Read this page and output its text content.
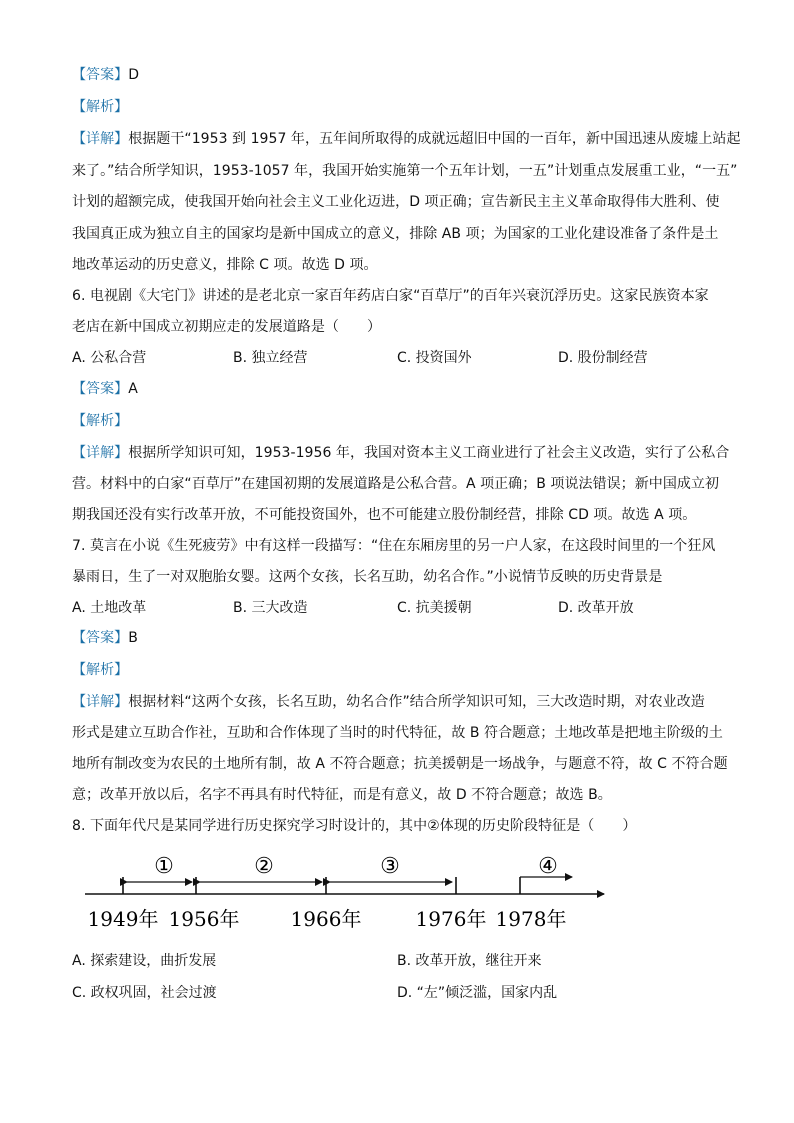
【答案】D
【解析】
【详解】根据题干“1953 到 1957 年，五年间所取得的成就远超旧中国的一百年，新中国迅速从废墟上站起
来了。”结合所学知识，1953-1057 年，我国开始实施第一个五年计划，一五”计划重点发展重工业，“一五”
计划的超额完成，使我国开始向社会主义工业化迈进，D 项正确；宣告新民主主义革命取得伟大胜利、使
我国真正成为独立自主的国家均是新中国成立的意义，排除 AB 项；为国家的工业化建设准备了条件是土
地改革运动的历史意义，排除 C 项。故选 D 项。
6. 电视剧《大宅门》讲述的是老北京一家百年药店白家“百草厅”的百年兴衰沉浮历史。这家民族资本家
老店在新中国成立初期应走的发展道路是（　　）
A. 公私合营	B. 独立经营	C. 投资国外	D. 股份制经营
【答案】A
【解析】
【详解】根据所学知识可知，1953-1956 年，我国对资本主义工商业进行了社会主义改造，实行了公私合
营。材料中的白家“百草厅”在建国初期的发展道路是公私合营。A 项正确；B 项说法错误；新中国成立初
期我国还没有实行改革开放，不可能投资国外，也不可能建立股份制经营，排除 CD 项。故选 A 项。
7. 莫言在小说《生死疲劳》中有这样一段描写：“住在东厢房里的另一户人家，在这段时间里的一个狂风
暴雨日，生了一对双胞胎女婴。这两个女孩，长名互助，幼名合作。”小说情节反映的历史背景是
A. 土地改革	B. 三大改造	C. 抗美援朝	D. 改革开放
【答案】B
【解析】
【详解】根据材料“这两个女孩，长名互助，幼名合作”结合所学知识可知，三大改造时期，对农业改造
形式是建立互助合作社，互助和合作体现了当时的时代特征，故 B 符合题意；土地改革是把地主阶级的土
地所有制改变为农民的土地所有制，故 A 不符合题意；抗美援朝是一场战争，与题意不符，故 C 不符合题
意；改革开放以后，名字不再具有时代特征，而是有意义，故 D 不符合题意；故选 B。
8. 下面年代尺是某同学进行历史探究学习时设计的，其中②体现的历史阶段特征是（　　）
①	②	③	④
1949年 1956年	1966年	1976年 1978年
A. 探索建设，曲折发展	B. 改革开放，继往开来
C. 政权巩固，社会过渡	D. “左”倾泛滥，国家内乱
